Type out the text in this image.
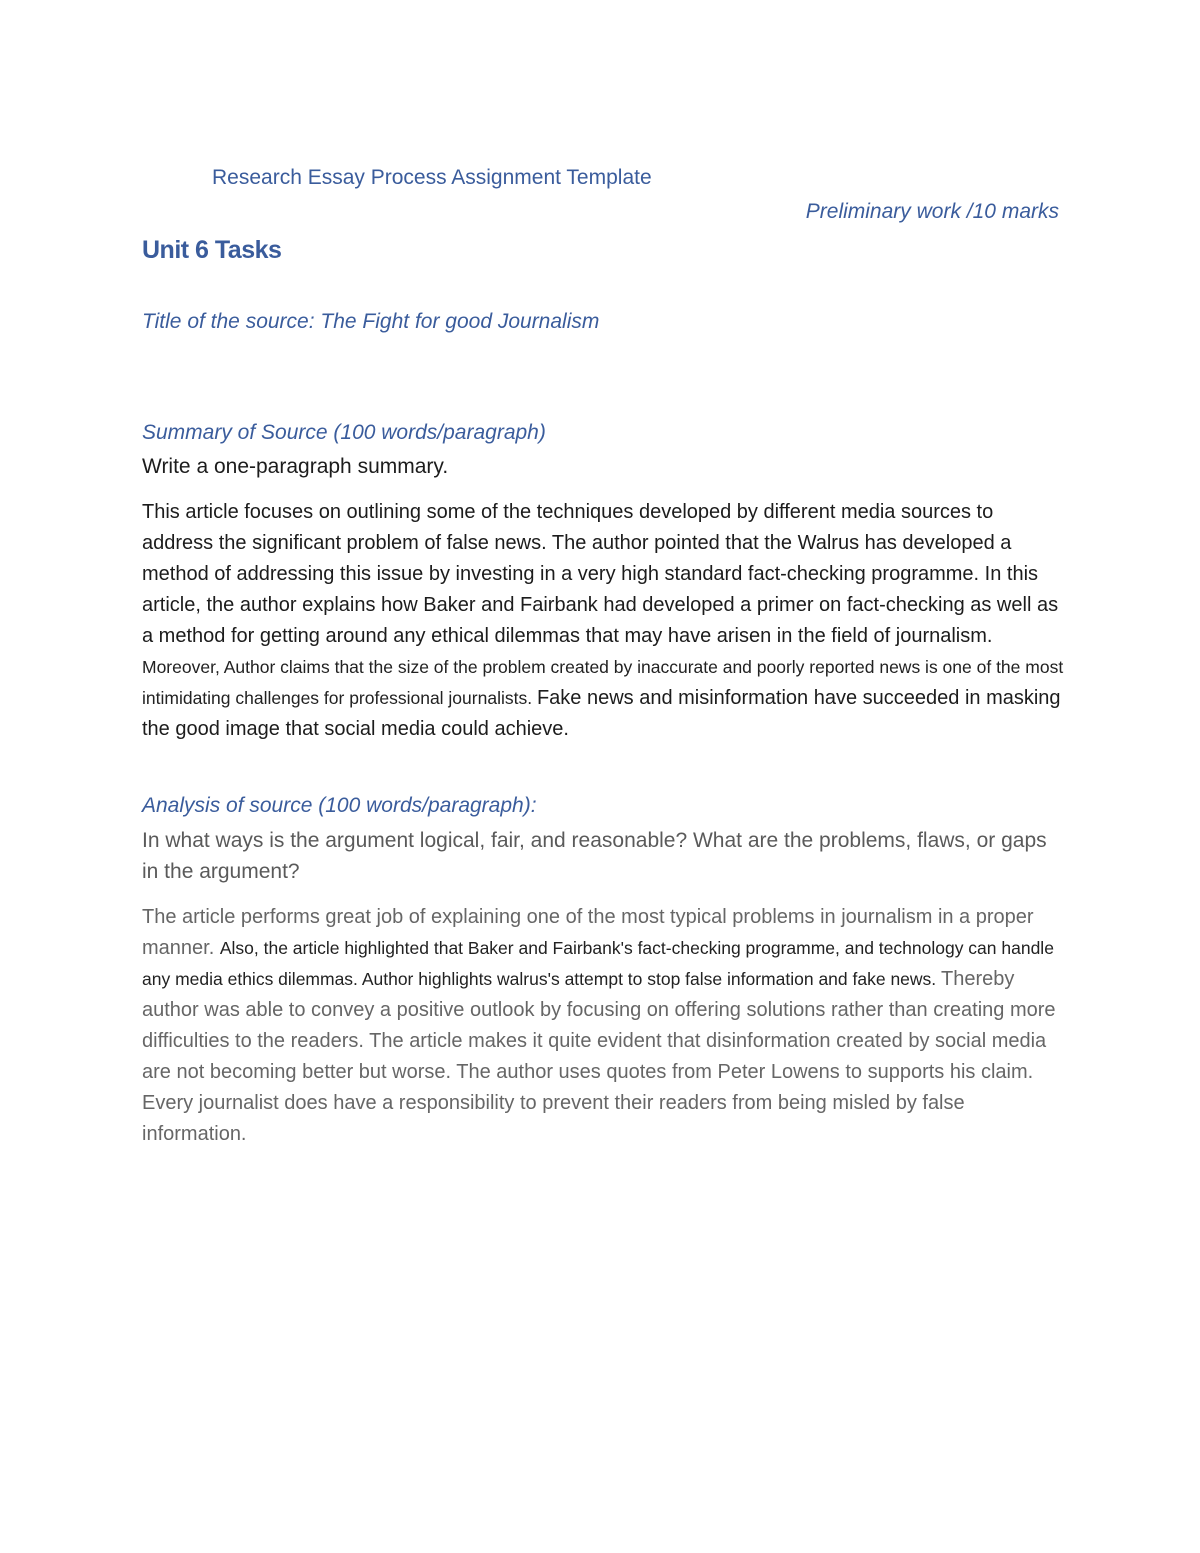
Research Essay Process Assignment Template
Preliminary work /10 marks
Unit 6 Tasks
Title of the source: The Fight for good Journalism
Summary of Source (100 words/paragraph)
Write a one-paragraph summary.
This article focuses on outlining some of the techniques developed by different media sources to address the significant problem of false news. The author pointed that the Walrus has developed a method of addressing this issue by investing in a very high standard fact-checking programme. In this article, the author explains how Baker and Fairbank had developed a primer on fact-checking as well as a method for getting around any ethical dilemmas that may have arisen in the field of journalism. Moreover, Author claims that the size of the problem created by inaccurate and poorly reported news is one of the most intimidating challenges for professional journalists. Fake news and misinformation have succeeded in masking the good image that social media could achieve.
Analysis of source (100 words/paragraph):
In what ways is the argument logical, fair, and reasonable? What are the problems, flaws, or gaps in the argument?
The article performs great job of explaining one of the most typical problems in journalism in a proper manner. Also, the article highlighted that Baker and Fairbank's fact-checking programme, and technology can handle any media ethics dilemmas. Author highlights walrus's attempt to stop false information and fake news. Thereby author was able to convey a positive outlook by focusing on offering solutions rather than creating more difficulties to the readers. The article makes it quite evident that disinformation created by social media are not becoming better but worse. The author uses quotes from Peter Lowens to supports his claim. Every journalist does have a responsibility to prevent their readers from being misled by false information.
